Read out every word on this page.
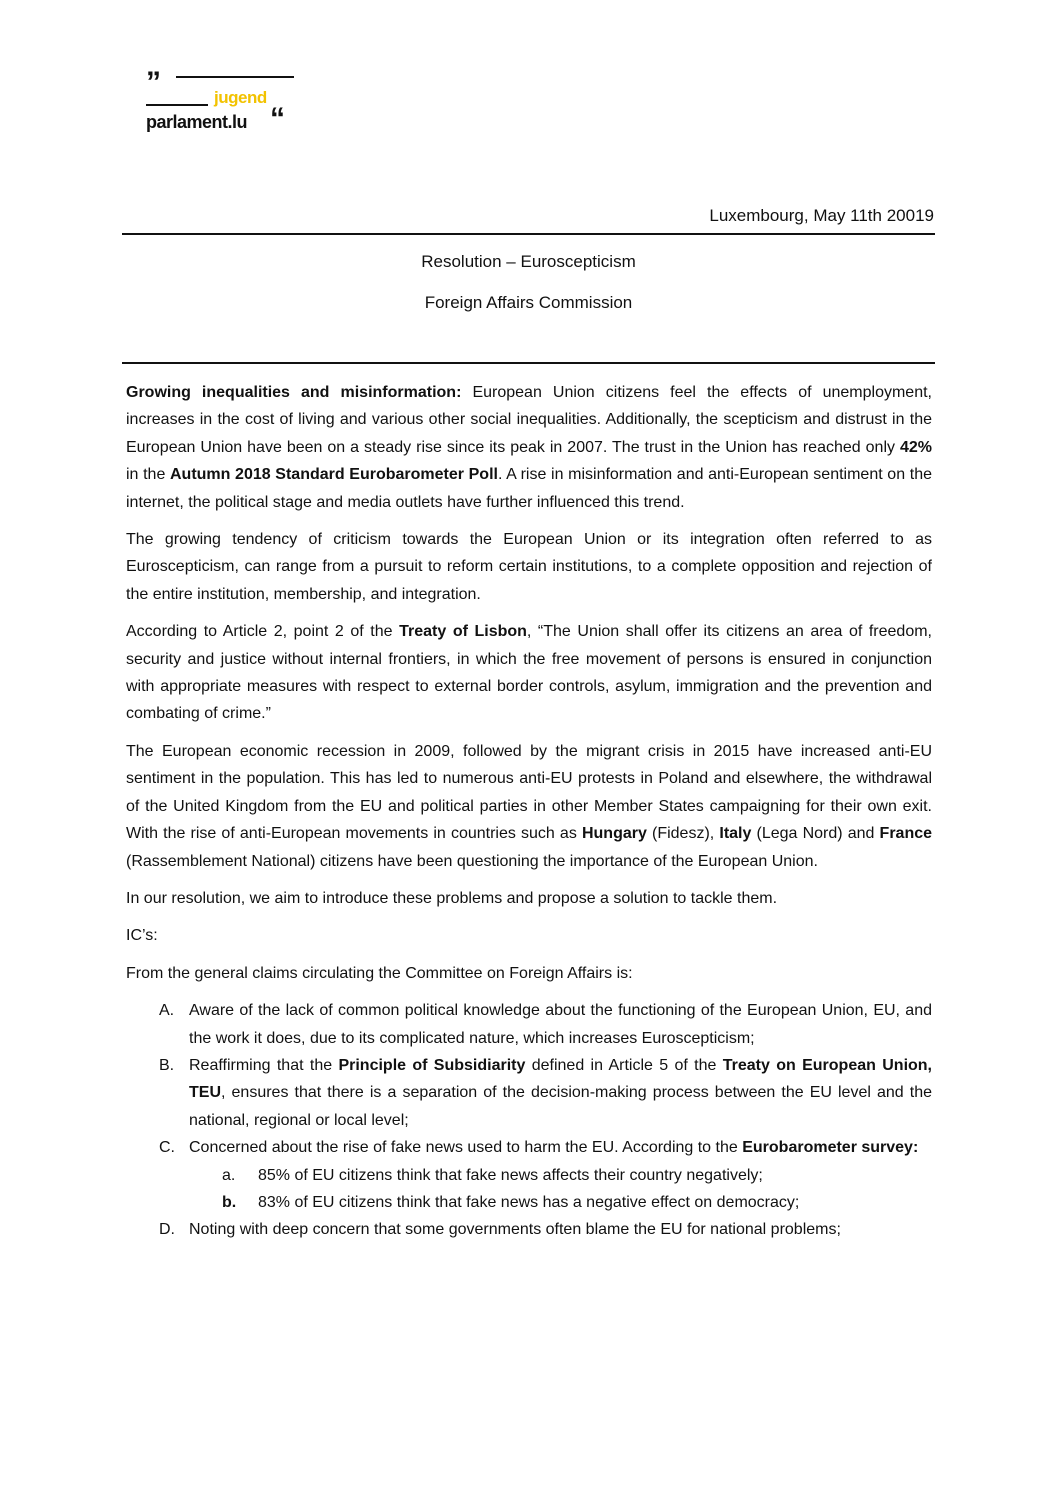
”	jugend
parlament.lu “
Luxembourg, May 11th 20019
Resolution – Euroscepticism
Foreign Affairs Commission

Growing inequalities and misinformation: European Union citizens feel the effects of unemployment, increases in the cost of living and various other social inequalities. Additionally, the scepticism and distrust in the European Union have been on a steady rise since its peak in 2007. The trust in the Union has reached only 42% in the Autumn 2018 Standard Eurobarometer Poll. A rise in misinformation and anti-European sentiment on the internet, the political stage and media outlets have further influenced this trend.

The growing tendency of criticism towards the European Union or its integration often referred to as Euroscepticism, can range from a pursuit to reform certain institutions, to a complete opposition and rejection of the entire institution, membership, and integration.

According to Article 2, point 2 of the Treaty of Lisbon, “The Union shall offer its citizens an area of freedom, security and justice without internal frontiers, in which the free movement of persons is ensured in conjunction with appropriate measures with respect to external border controls, asylum, immigration and the prevention and combating of crime.”

The European economic recession in 2009, followed by the migrant crisis in 2015 have increased anti-EU sentiment in the population. This has led to numerous anti-EU protests in Poland and elsewhere, the withdrawal of the United Kingdom from the EU and political parties in other Member States campaigning for their own exit. With the rise of anti-European movements in countries such as Hungary (Fidesz), Italy (Lega Nord) and France (Rassemblement National) citizens have been questioning the importance of the European Union.

In our resolution, we aim to introduce these problems and propose a solution to tackle them.

IC’s:

From the general claims circulating the Committee on Foreign Affairs is:

A. Aware of the lack of common political knowledge about the functioning of the European Union, EU, and the work it does, due to its complicated nature, which increases Euroscepticism;
B. Reaffirming that the Principle of Subsidiarity defined in Article 5 of the Treaty on European Union, TEU, ensures that there is a separation of the decision-making process between the EU level and the national, regional or local level;
C. Concerned about the rise of fake news used to harm the EU. According to the Eurobarometer survey:
a. 85% of EU citizens think that fake news affects their country negatively;
b. 83% of EU citizens think that fake news has a negative effect on democracy;
D. Noting with deep concern that some governments often blame the EU for national problems;
